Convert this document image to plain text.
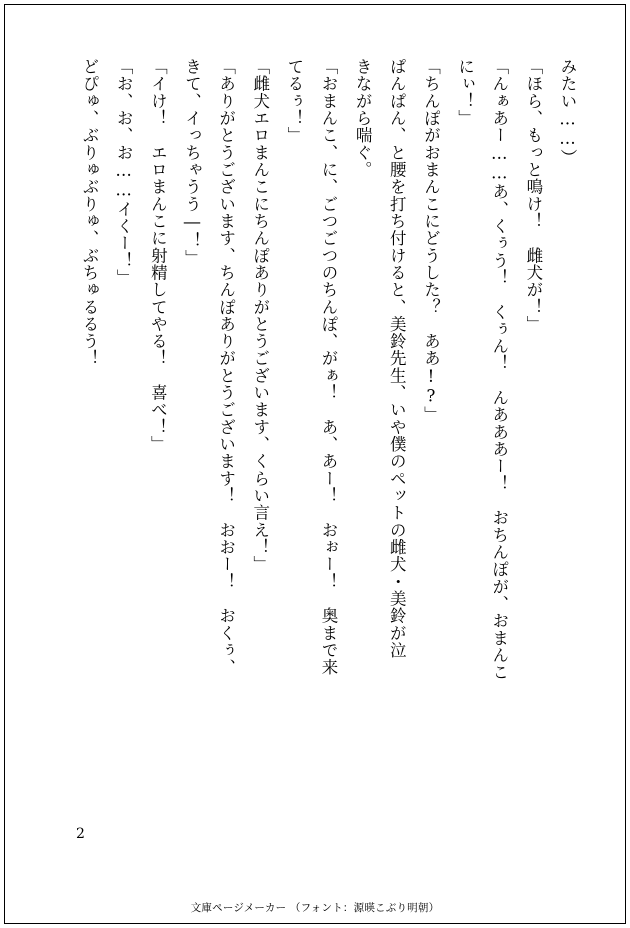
みたい……）
「ほら、もっと鳴け！　雌犬が！」
「んぁあー……あ、くぅう！　くぅん！　んあああー！　おちんぽが、おまんこ
にぃ！」
「ちんぽがおまんこにどうした？　ああ!?」
ぱんぱん、と腰を打ち付けると、美鈴先生、いや僕のペットの雌犬・美鈴が泣
きながら喘ぐ。
「おまんこ、に、ごつごつのちんぽ、がぁ！　あ、あー！　おぉー！　奥まで来
てるぅ！」
「雌犬エロまんこにちんぽありがとうございます、くらい言え！」
「ありがとうございます、ちんぽありがとうございます！　おおー！　おくぅ、
きて、イっちゃうう―！」
「イけ！　エロまんこに射精してやる！　喜べ！」
「お、お、お……イくー！」
どぴゅ、ぶりゅぶりゅ、ぶちゅるるう！
2
文庫ページメーカー （フォント：源暎こぶり明朝）
